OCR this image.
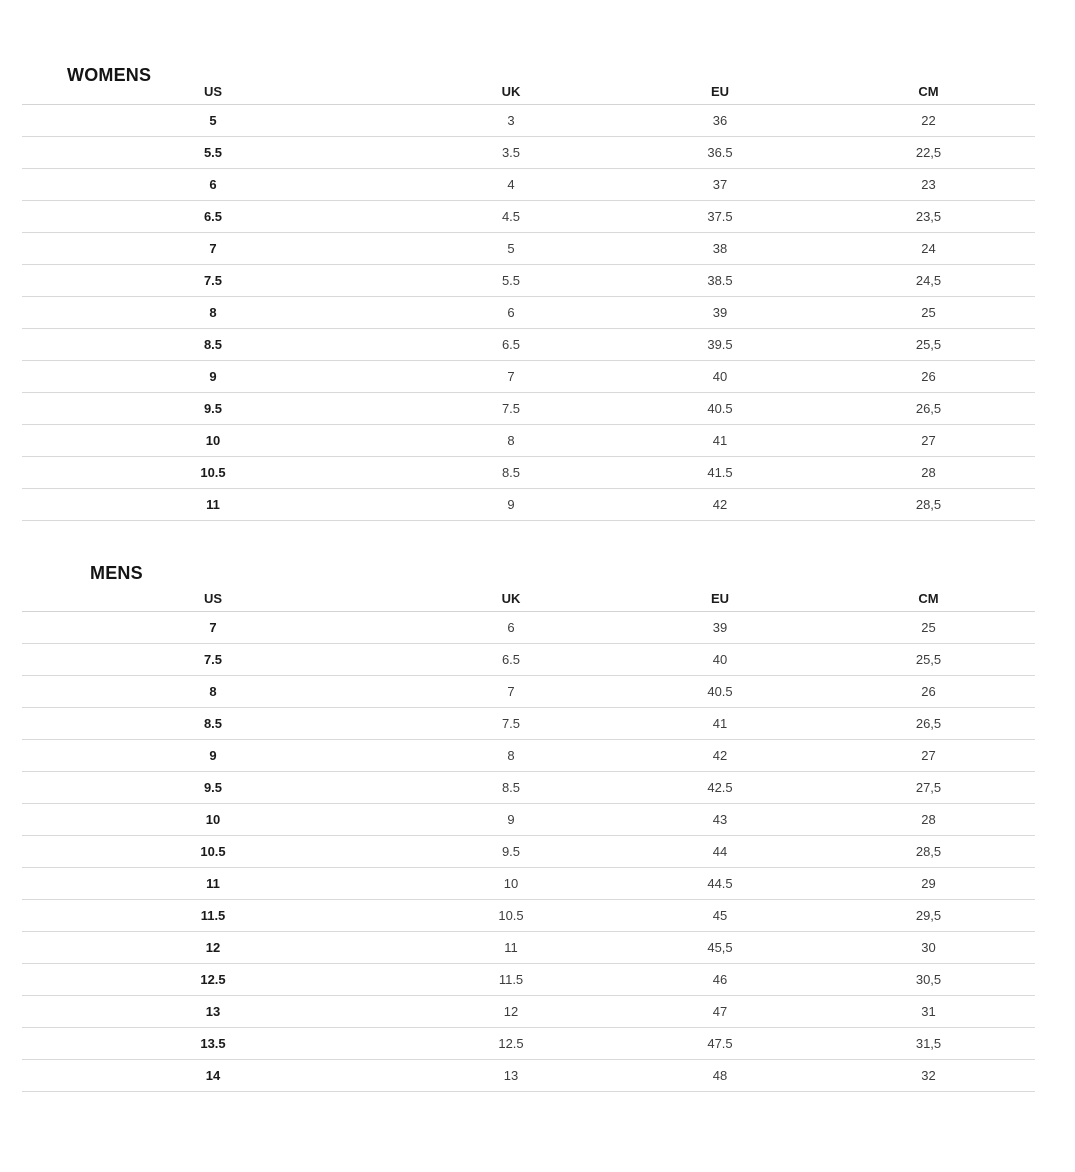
WOMENS
US	UK	EU	CM
5	3	36	22
5.5	3.5	36.5	22,5
6	4	37	23
6.5	4.5	37.5	23,5
7	5	38	24
7.5	5.5	38.5	24,5
8	6	39	25
8.5	6.5	39.5	25,5
9	7	40	26
9.5	7.5	40.5	26,5
10	8	41	27
10.5	8.5	41.5	28
11	9	42	28,5
MENS
US	UK	EU	CM
7	6	39	25
7.5	6.5	40	25,5
8	7	40.5	26
8.5	7.5	41	26,5
9	8	42	27
9.5	8.5	42.5	27,5
10	9	43	28
10.5	9.5	44	28,5
11	10	44.5	29
11.5	10.5	45	29,5
12	11	45,5	30
12.5	11.5	46	30,5
13	12	47	31
13.5	12.5	47.5	31,5
14	13	48	32
